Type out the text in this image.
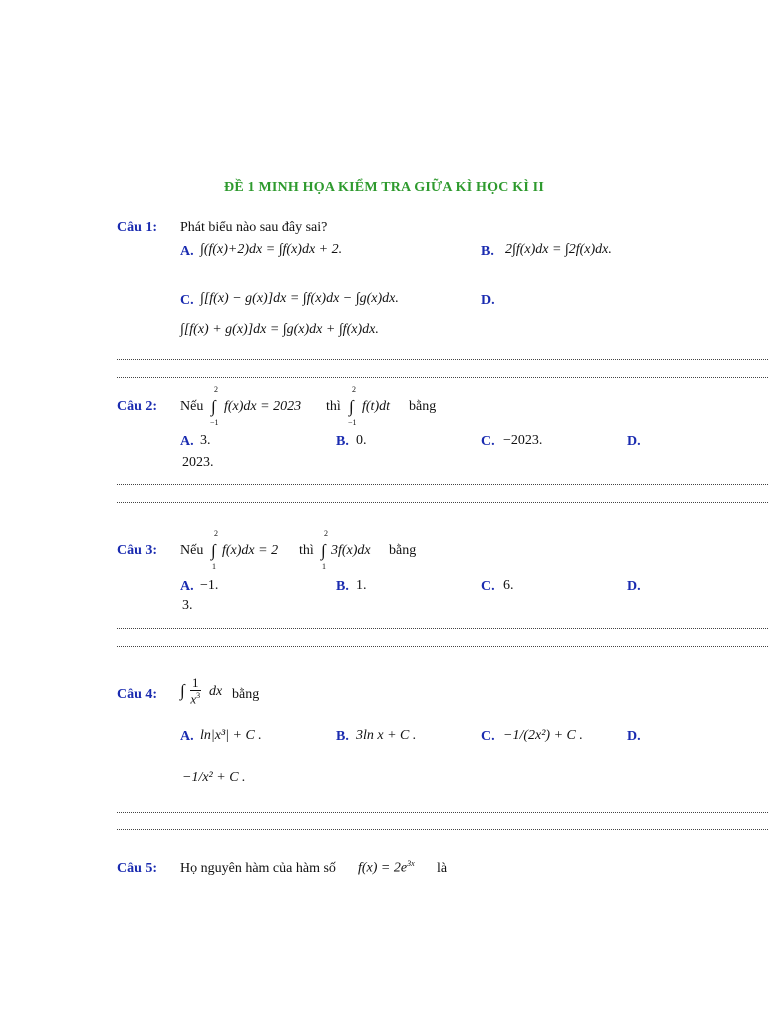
ĐỀ 1 MINH HỌA KIỂM TRA GIỮA KÌ HỌC KÌ II
Câu 1: Phát biểu nào sau đây sai?
A. ∫(f(x)+2)dx = ∫f(x)dx + 2.	B. 2∫f(x)dx = ∫2f(x)dx.
C. ∫[f(x) − g(x)]dx = ∫f(x)dx − ∫g(x)dx.	D.
∫[f(x) + g(x)]dx = ∫g(x)dx + ∫f(x)dx.
Câu 2: Nếu
2
∫
−1
f(x)dx = 2023 thì
2
∫
−1
f(t)dt bằng
A. 3.	B. 0.	C. −2023.	D.
2023.
Câu 3: Nếu
2
∫
1
f(x)dx = 2 thì
2
∫
1
3f(x)dx bằng
A. −1.	B. 1.	C. 6.	D.
3.
Câu 4: ∫ $\frac{1}{x^3}$ dx bằng
A. ln|x³| + C .	B. 3ln x + C .	C. −1/(2x²) + C .	D.
−1/x² + C .
Câu 5: Họ nguyên hàm của hàm số $f(x) = 2e^{3x}$ là
